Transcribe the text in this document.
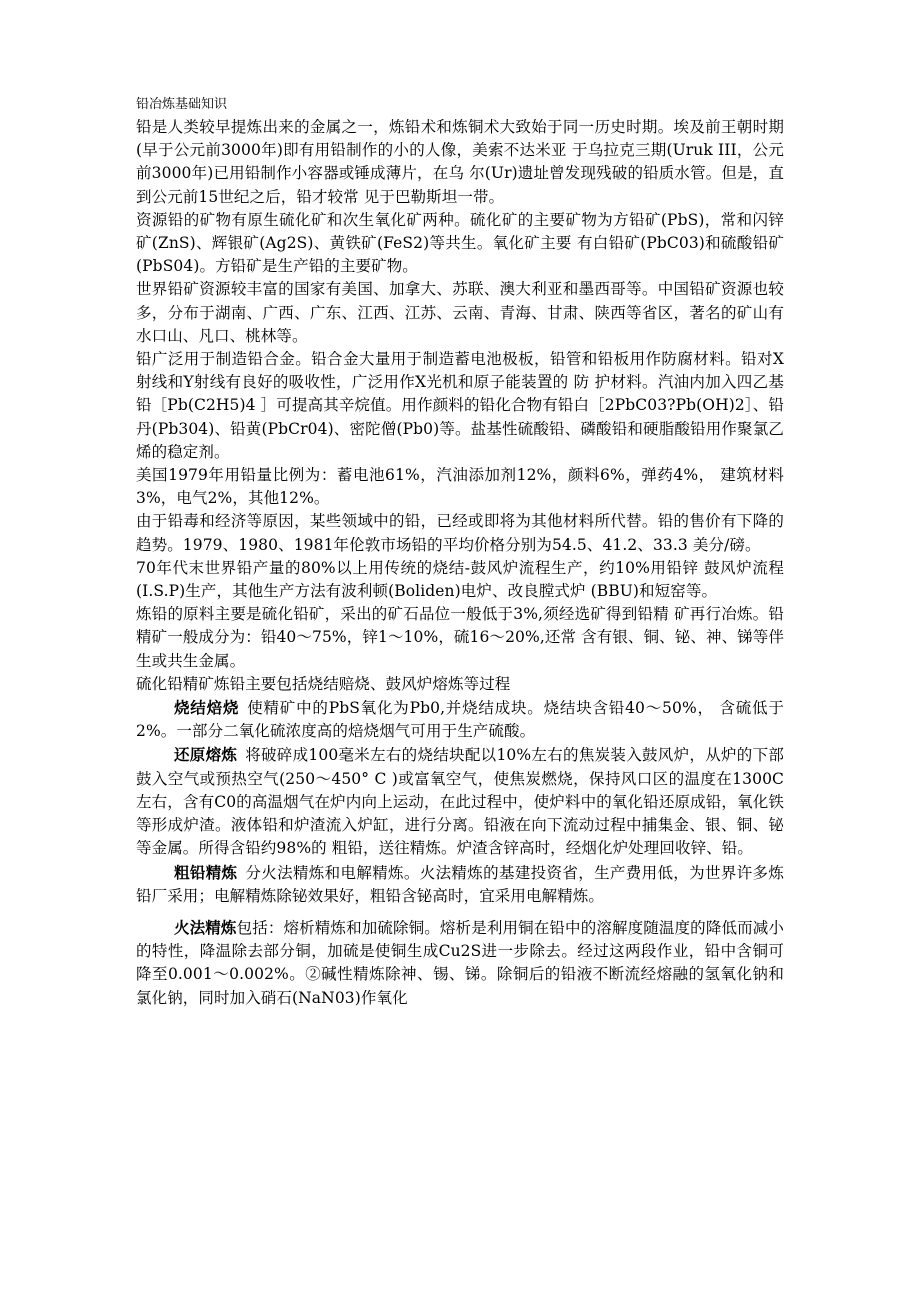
铅冶炼基础知识

铅是人类较早提炼出来的金属之一，炼铅术和炼铜术大致始于同一历史时期。埃及前王朝时期(早于公元前3000年)即有用铅制作的小的人像，美索不达米亚 于乌拉克三期(Uruk III，公元前3000年)已用铅制作小容器或锤成薄片，在乌 尔(Ur)遗址曾发现残破的铅质水管。但是，直到公元前15世纪之后，铅才较常 见于巴勒斯坦一带。

资源铅的矿物有原生硫化矿和次生氧化矿两种。硫化矿的主要矿物为方铅矿(PbS)，常和闪锌矿(ZnS)、辉银矿(Ag2S)、黄铁矿(FeS2)等共生。氧化矿主要 有白铅矿(PbC03)和硫酸铅矿(PbS04)。方铅矿是生产铅的主要矿物。

世界铅矿资源较丰富的国家有美国、加拿大、苏联、澳大利亚和墨西哥等。中国铅矿资源也较多，分布于湖南、广西、广东、江西、江苏、云南、青海、甘肃、陕西等省区，著名的矿山有水口山、凡口、桃林等。

铅广泛用于制造铅合金。铅合金大量用于制造蓄电池极板，铅管和铅板用作防腐材料。铅对X射线和Y射线有良好的吸收性，广泛用作X光机和原子能装置的 防 护材料。汽油内加入四乙基铅［Pb(C2H5)4 ］可提高其辛烷值。用作颜料的铅化合物有铅白［2PbC03?Pb(OH)2］、铅丹(Pb304)、铅黄(PbCr04)、密陀僧(Pb0)等。盐基性硫酸铅、磷酸铅和硬脂酸铅用作聚氯乙烯的稳定剂。

美国1979年用铅量比例为：蓄电池61%，汽油添加剂12%，颜料6%，弹药4%， 建筑材料3%，电气2%，其他12%。

由于铅毒和经济等原因，某些领域中的铅，已经或即将为其他材料所代替。铅的售价有下降的趋势。1979、1980、1981年伦敦市场铅的平均价格分别为54.5、41.2、33.3 美分/磅。

70年代末世界铅产量的80%以上用传统的烧结-鼓风炉流程生产，约10%用铅锌 鼓风炉流程(I.S.P)生产，其他生产方法有波利顿(Boliden)电炉、改良膛式炉 (BBU)和短窑等。

炼铅的原料主要是硫化铅矿，采出的矿石品位一般低于3%,须经选矿得到铅精 矿再行冶炼。铅精矿一般成分为：铅40〜75%，锌1〜10%，硫16〜20%,还常 含有银、铜、铋、神、锑等伴生或共生金属。

硫化铅精矿炼铅主要包括烧结赔烧、鼓风炉熔炼等过程

烧结焙烧 使精矿中的PbS氧化为Pb0,并烧结成块。烧结块含铅40〜50%， 含硫低于2%。一部分二氧化硫浓度高的焙烧烟气可用于生产硫酸。

还原熔炼 将破碎成100毫米左右的烧结块配以10%左右的焦炭装入鼓风炉，从炉的下部鼓入空气或预热空气(250〜450° C )或富氧空气，使焦炭燃烧，保持风口区的温度在1300C左右，含有C0的高温烟气在炉内向上运动，在此过程中，使炉料中的氧化铅还原成铅，氧化铁等形成炉渣。液体铅和炉渣流入炉缸，进行分离。铅液在向下流动过程中捕集金、银、铜、铋等金属。所得含铅约98%的 粗铅，送往精炼。炉渣含锌高时，经烟化炉处理回收锌、铅。

粗铅精炼 分火法精炼和电解精炼。火法精炼的基建投资省，生产费用低，为世界许多炼铅厂采用；电解精炼除铋效果好，粗铅含铋高时，宜采用电解精炼。

火法精炼包括：熔析精炼和加硫除铜。熔析是利用铜在铅中的溶解度随温度的降低而减小的特性，降温除去部分铜，加硫是使铜生成Cu2S进一步除去。经过这两段作业，铅中含铜可降至0.001〜0.002%。②碱性精炼除神、锡、锑。除铜后的铅液不断流经熔融的氢氧化钠和氯化钠，同时加入硝石(NaN03)作氧化
